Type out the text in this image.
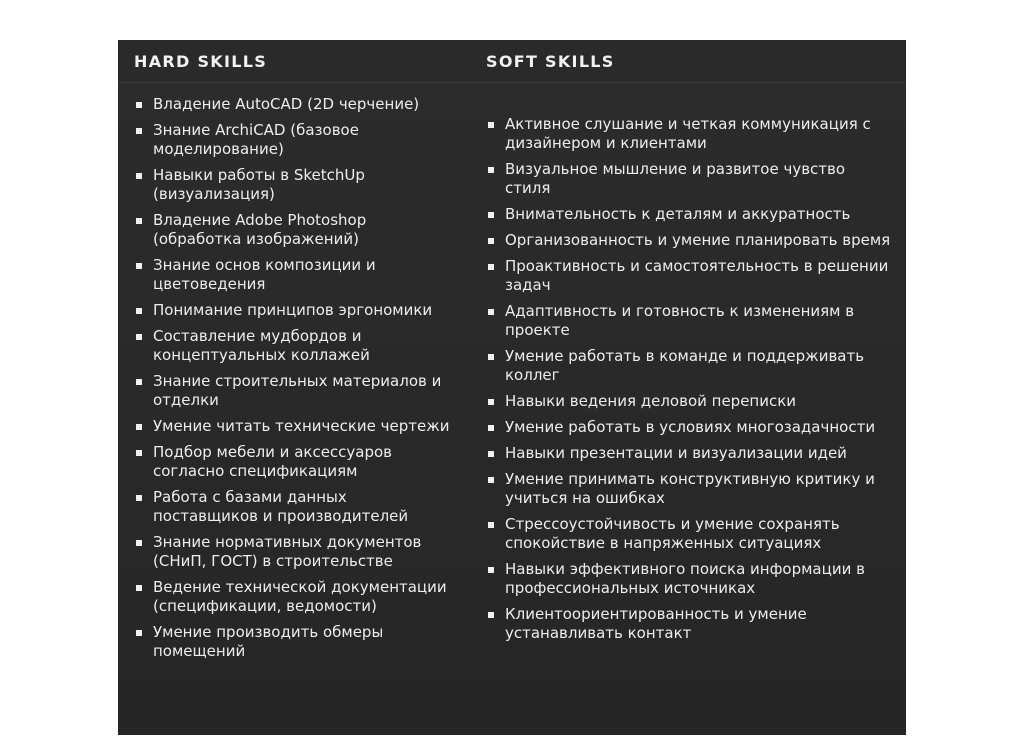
HARD SKILLS	SOFT SKILLS
Владение AutoCAD (2D черчение)
Знание ArchiCAD (базовое моделирование)
Навыки работы в SketchUp (визуализация)
Владение Adobe Photoshop (обработка изображений)
Знание основ композиции и цветоведения
Понимание принципов эргономики
Составление мудбордов и концептуальных коллажей
Знание строительных материалов и отделки
Умение читать технические чертежи
Подбор мебели и аксессуаров согласно спецификациям
Работа с базами данных поставщиков и производителей
Знание нормативных документов (СНиП, ГОСТ) в строительстве
Ведение технической документации (спецификации, ведомости)
Умение производить обмеры помещений
Активное слушание и четкая коммуникация с дизайнером и клиентами
Визуальное мышление и развитое чувство стиля
Внимательность к деталям и аккуратность
Организованность и умение планировать время
Проактивность и самостоятельность в решении задач
Адаптивность и готовность к изменениям в проекте
Умение работать в команде и поддерживать коллег
Навыки ведения деловой переписки
Умение работать в условиях многозадачности
Навыки презентации и визуализации идей
Умение принимать конструктивную критику и учиться на ошибках
Стрессоустойчивость и умение сохранять спокойствие в напряженных ситуациях
Навыки эффективного поиска информации в профессиональных источниках
Клиентоориентированность и умение устанавливать контакт
